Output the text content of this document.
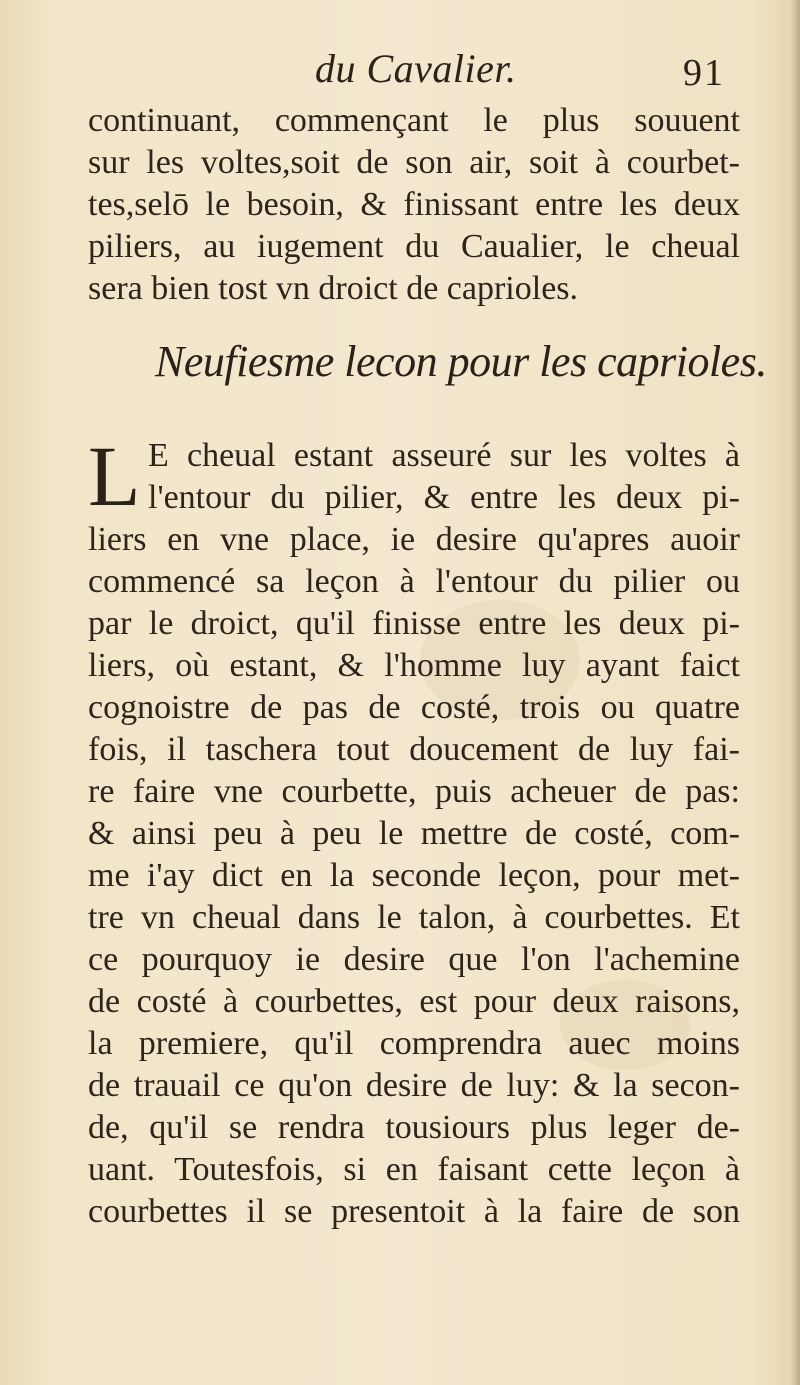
du Cavalier.	91
continuant, commençant le plus souuent
sur les voltes,soit de son air, soit à courbet-
tes,selō le besoin, & finissant entre les deux
piliers, au iugement du Caualier, le cheual
sera bien tost vn droict de caprioles.
Neufiesme lecon pour les caprioles.
L E cheual estant asseuré sur les voltes à
l'entour du pilier, & entre les deux pi-
liers en vne place, ie desire qu'apres auoir
commencé sa leçon à l'entour du pilier ou
par le droict, qu'il finisse entre les deux pi-
liers, où estant, & l'homme luy ayant faict
cognoistre de pas de costé, trois ou quatre
fois, il taschera tout doucement de luy fai-
re faire vne courbette, puis acheuer de pas:
& ainsi peu à peu le mettre de costé, com-
me i'ay dict en la seconde leçon, pour met-
tre vn cheual dans le talon, à courbettes. Et
ce pourquoy ie desire que l'on l'achemine
de costé à courbettes, est pour deux raisons,
la premiere, qu'il comprendra auec moins
de trauail ce qu'on desire de luy: & la secon-
de, qu'il se rendra tousiours plus leger de-
uant. Toutesfois, si en faisant cette leçon à
courbettes il se presentoit à la faire de son
